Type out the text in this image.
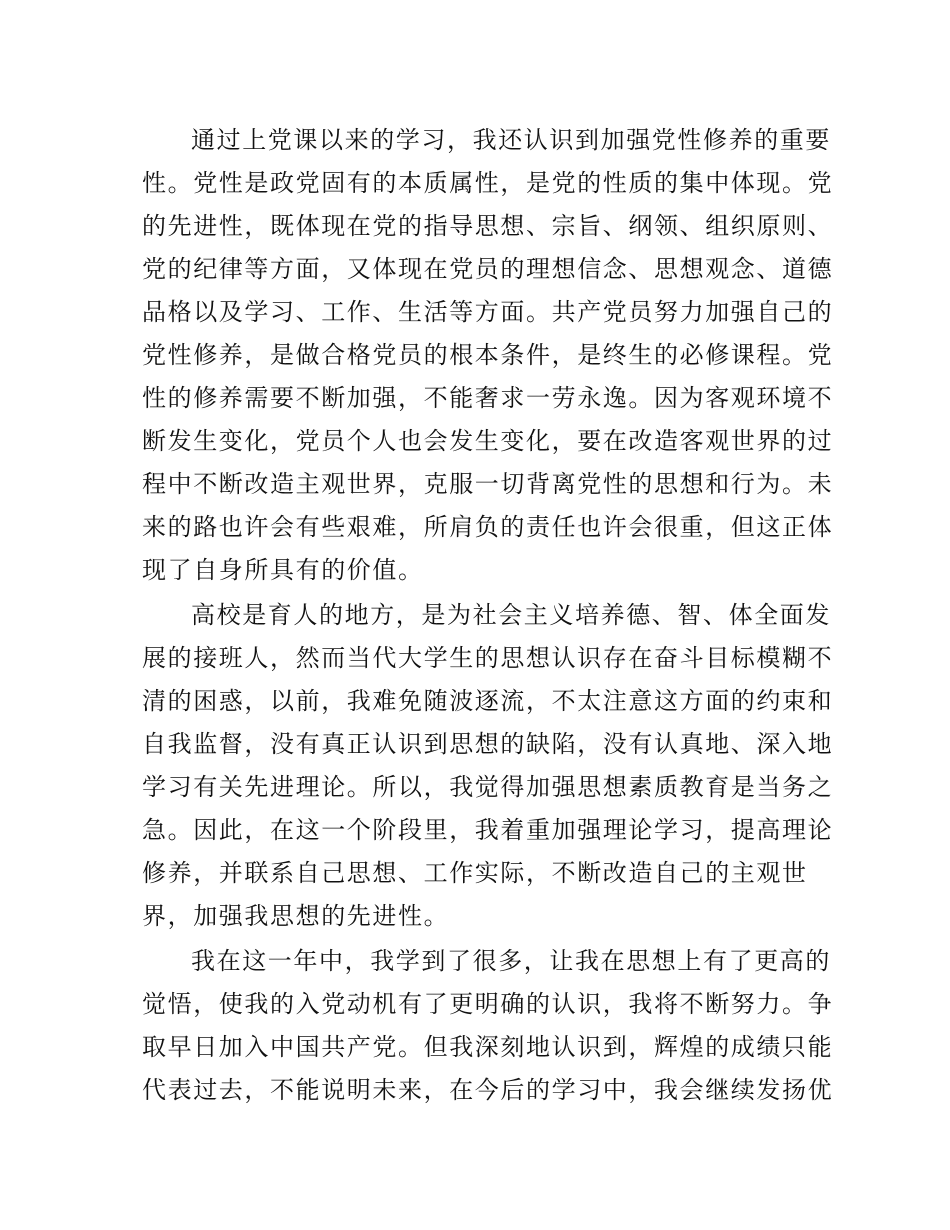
通过上党课以来的学习，我还认识到加强党性修养的重要
性。党性是政党固有的本质属性，是党的性质的集中体现。党
的先进性，既体现在党的指导思想、宗旨、纲领、组织原则、
党的纪律等方面，又体现在党员的理想信念、思想观念、道德
品格以及学习、工作、生活等方面。共产党员努力加强自己的
党性修养，是做合格党员的根本条件，是终生的必修课程。党
性的修养需要不断加强，不能奢求一劳永逸。因为客观环境不
断发生变化，党员个人也会发生变化，要在改造客观世界的过
程中不断改造主观世界，克服一切背离党性的思想和行为。未
来的路也许会有些艰难，所肩负的责任也许会很重，但这正体
现了自身所具有的价值。
高校是育人的地方，是为社会主义培养德、智、体全面发
展的接班人，然而当代大学生的思想认识存在奋斗目标模糊不
清的困惑，以前，我难免随波逐流，不太注意这方面的约束和
自我监督，没有真正认识到思想的缺陷，没有认真地、深入地
学习有关先进理论。所以，我觉得加强思想素质教育是当务之
急。因此，在这一个阶段里，我着重加强理论学习，提高理论
修养，并联系自己思想、工作实际，不断改造自己的主观世
界，加强我思想的先进性。
我在这一年中，我学到了很多，让我在思想上有了更高的
觉悟，使我的入党动机有了更明确的认识，我将不断努力。争
取早日加入中国共产党。但我深刻地认识到，辉煌的成绩只能
代表过去，不能说明未来，在今后的学习中，我会继续发扬优
